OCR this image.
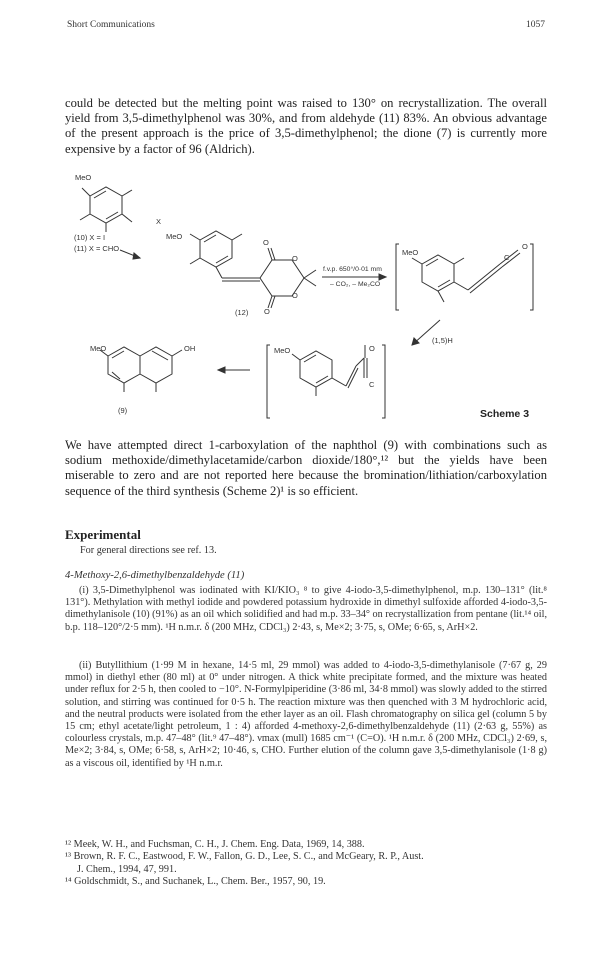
Short Communications	1057

could be detected but the melting point was raised to 130° on recrystallization. The overall yield from 3,5-dimethylphenol was 30%, and from aldehyde (11) 83%. An obvious advantage of the present approach is the price of 3,5-dimethylphenol; the dione (7) is currently more expensive by a factor of 96 (Aldrich).

MeO
X
(10) X = I
(11) X = CHO
MeO
O
O
O
O
(12)
f.v.p. 650°/0·01 mm
– CO₂, – Me₂CO
MeO
O
C
(1,5)H
MeO	OH
(9)
MeO	O
C
Scheme 3

We have attempted direct 1-carboxylation of the naphthol (9) with combinations such as sodium methoxide/dimethylacetamide/carbon dioxide/180°,¹² but the yields have been miserable to zero and are not reported here because the bromination/lithiation/carboxylation sequence of the third synthesis (Scheme 2)¹ is so efficient.

Experimental
For general directions see ref. 13.
4-Methoxy-2,6-dimethylbenzaldehyde (11)

(i) 3,5-Dimethylphenol was iodinated with KI/KIO₃ ⁸ to give 4-iodo-3,5-dimethylphenol, m.p. 130–131° (lit.⁸ 131°). Methylation with methyl iodide and powdered potassium hydroxide in dimethyl sulfoxide afforded 4-iodo-3,5-dimethylanisole (10) (91%) as an oil which solidified and had m.p. 33–34° on recrystallization from pentane (lit.¹⁴ oil, b.p. 118–120°/2·5 mm). ¹H n.m.r. δ (200 MHz, CDCl₃) 2·43, s, Me×2; 3·75, s, OMe; 6·65, s, ArH×2.

(ii) Butyllithium (1·99 M in hexane, 14·5 ml, 29 mmol) was added to 4-iodo-3,5-dimethylanisole (7·67 g, 29 mmol) in diethyl ether (80 ml) at 0° under nitrogen. A thick white precipitate formed, and the mixture was heated under reflux for 2·5 h, then cooled to −10°. N-Formylpiperidine (3·86 ml, 34·8 mmol) was slowly added to the stirred solution, and stirring was continued for 0·5 h. The reaction mixture was then quenched with 3 M hydrochloric acid, and the neutral products were isolated from the ether layer as an oil. Flash chromatography on silica gel (column 5 by 15 cm; ethyl acetate/light petroleum, 1 : 4) afforded 4-methoxy-2,6-dimethylbenzaldehyde (11) (2·63 g, 55%) as colourless crystals, m.p. 47–48° (lit.⁹ 47–48°). νmax (mull) 1685 cm⁻¹ (C=O). ¹H n.m.r. δ (200 MHz, CDCl₃) 2·69, s, Me×2; 3·84, s, OMe; 6·58, s, ArH×2; 10·46, s, CHO. Further elution of the column gave 3,5-dimethylanisole (1·8 g) as a viscous oil, identified by ¹H n.m.r.

¹² Meek, W. H., and Fuchsman, C. H., J. Chem. Eng. Data, 1969, 14, 388.
¹³ Brown, R. F. C., Eastwood, F. W., Fallon, G. D., Lee, S. C., and McGeary, R. P., Aust.
J. Chem., 1994, 47, 991.
¹⁴ Goldschmidt, S., and Suchanek, L., Chem. Ber., 1957, 90, 19.
